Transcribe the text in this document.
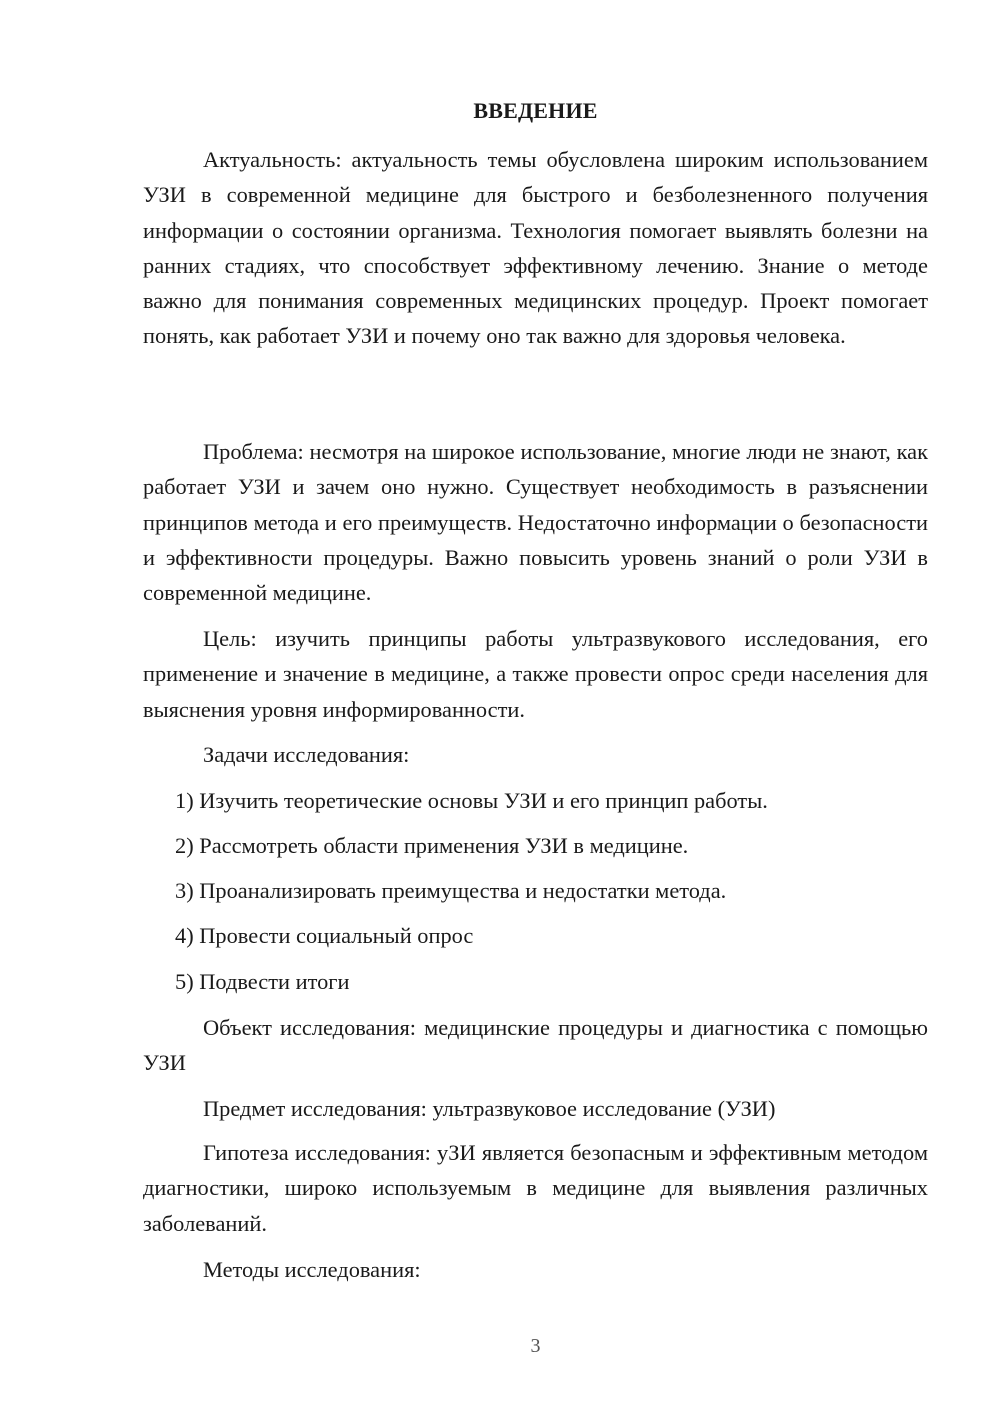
ВВЕДЕНИЕ

Актуальность: актуальность темы обусловлена широким использованием УЗИ в современной медицине для быстрого и безболезненного получения информации о состоянии организма. Технология помогает выявлять болезни на ранних стадиях, что способствует эффективному лечению. Знание о методе важно для понимания современных медицинских процедур. Проект помогает понять, как работает УЗИ и почему оно так важно для здоровья человека.

Проблема: несмотря на широкое использование, многие люди не знают, как работает УЗИ и зачем оно нужно. Существует необходимость в разъяснении принципов метода и его преимуществ. Недостаточно информации о безопасности и эффективности процедуры. Важно повысить уровень знаний о роли УЗИ в современной медицине.

Цель: изучить принципы работы ультразвукового исследования, его применение и значение в медицине, а также провести опрос среди населения для выяснения уровня информированности.

Задачи исследования:

1) Изучить теоретические основы УЗИ и его принцип работы.

2) Рассмотреть области применения УЗИ в медицине.

3) Проанализировать преимущества и недостатки метода.

4) Провести социальный опрос

5) Подвести итоги

Объект исследования: медицинские процедуры и диагностика с помощью УЗИ

Предмет исследования: ультразвуковое исследование (УЗИ)

Гипотеза исследования: уЗИ является безопасным и эффективным методом диагностики, широко используемым в медицине для выявления различных заболеваний.

Методы исследования:

3
